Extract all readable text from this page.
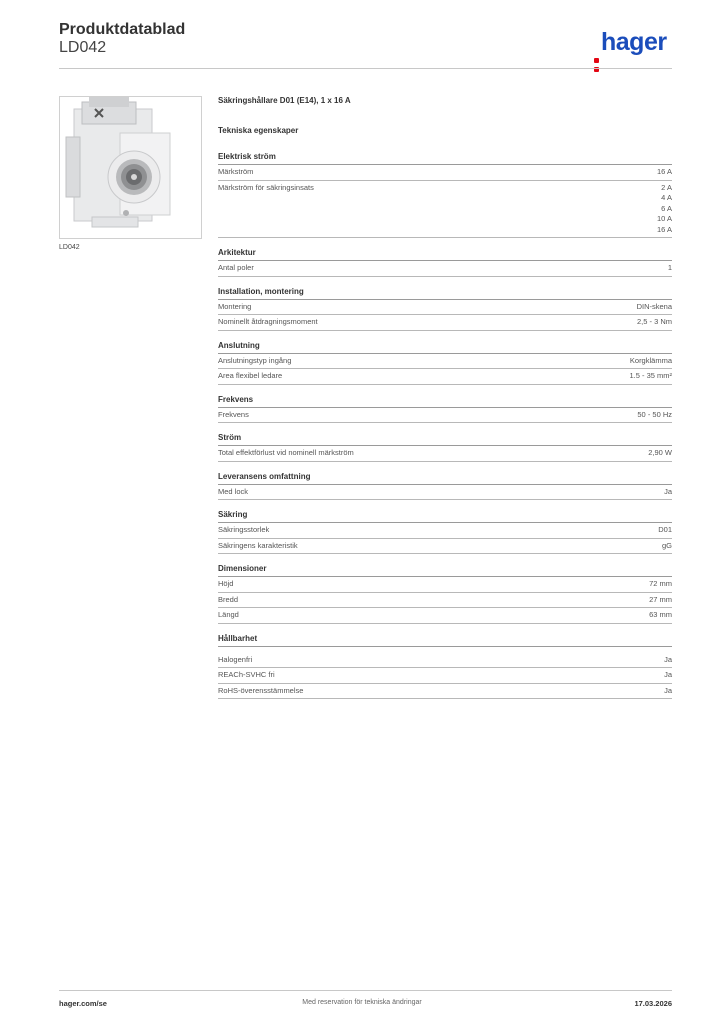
Produktdatablad
LD042	hager
LD042
Säkringshållare D01 (E14), 1 x 16 A
Tekniska egenskaper
Elektrisk ström
Märkström	16 A
Märkström för säkringsinsats	2 A
4 A
6 A
10 A
16 A
Arkitektur
Antal poler	1
Installation, montering
Montering	DIN-skena
Nominellt åtdragningsmoment	2,5 - 3 Nm
Anslutning
Anslutningstyp ingång	Korgklämma
Area flexibel ledare	1.5 - 35 mm²
Frekvens
Frekvens	50 - 50 Hz
Ström
Total effektförlust vid nominell märkström	2,90 W
Leveransens omfattning
Med lock	Ja
Säkring
Säkringsstorlek	D01
Säkringens karakteristik	gG
Dimensioner
Höjd	72 mm
Bredd	27 mm
Längd	63 mm
Hållbarhet
Halogenfri	Ja
REACh-SVHC fri	Ja
RoHS-överensstämmelse	Ja
hager.com/se	Med reservation för tekniska ändringar	17.03.2026
